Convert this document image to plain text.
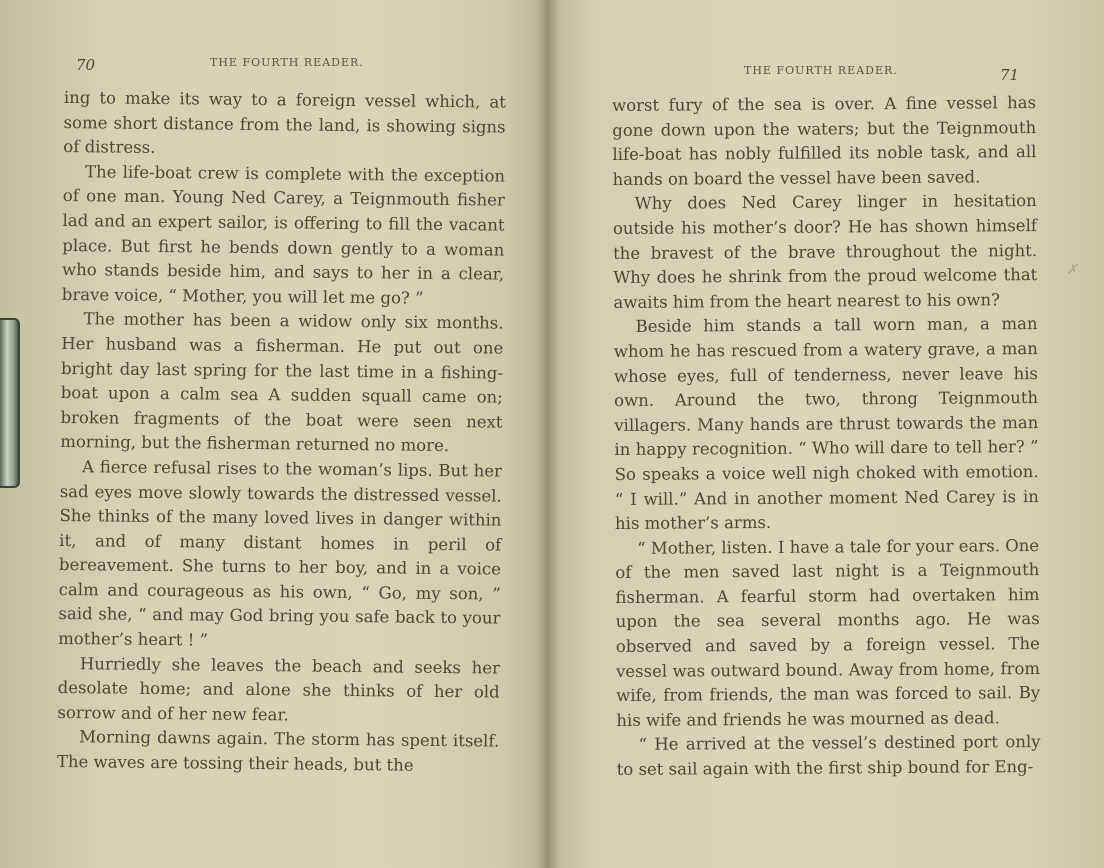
70	THE FOURTH READER.

ing to make its way to a foreign vessel which, at some short distance from the land, is showing signs of distress.

The life-boat crew is complete with the exception of one man. Young Ned Carey, a Teignmouth fisher lad and an expert sailor, is offering to fill the vacant place. But first he bends down gently to a woman who stands beside him, and says to her in a clear, brave voice, “ Mother, you will let me go? ”

The mother has been a widow only six months. Her husband was a fisherman. He put out one bright day last spring for the last time in a fishing-boat upon a calm sea A sudden squall came on; broken fragments of the boat were seen next morning, but the fisherman returned no more.

A fierce refusal rises to the woman’s lips. But her sad eyes move slowly towards the distressed vessel. She thinks of the many loved lives in danger within it, and of many distant homes in peril of bereavement. She turns to her boy, and in a voice calm and courageous as his own, “ Go, my son, ” said she, “ and may God bring you safe back to your mother’s heart ! ”

Hurriedly she leaves the beach and seeks her desolate home; and alone she thinks of her old sorrow and of her new fear.

Morning dawns again. The storm has spent itself. The waves are tossing their heads, but the

THE FOURTH READER.	71

worst fury of the sea is over. A fine vessel has gone down upon the waters; but the Teignmouth life-boat has nobly fulfilled its noble task, and all hands on board the vessel have been saved.

Why does Ned Carey linger in hesitation outside his mother’s door? He has shown himself the bravest of the brave throughout the night. Why does he shrink from the proud welcome that awaits him from the heart nearest to his own?

Beside him stands a tall worn man, a man whom he has rescued from a watery grave, a man whose eyes, full of tenderness, never leave his own. Around the two, throng Teignmouth villagers. Many hands are thrust towards the man in happy recognition. “ Who will dare to tell her? ” So speaks a voice well nigh choked with emotion. “ I will.” And in another moment Ned Carey is in his mother’s arms.

“ Mother, listen. I have a tale for your ears. One of the men saved last night is a Teignmouth fisherman. A fearful storm had overtaken him upon the sea several months ago. He was observed and saved by a foreign vessel. The vessel was outward bound. Away from home, from wife, from friends, the man was forced to sail. By his wife and friends he was mourned as dead.

“ He arrived at the vessel’s destined port only to set sail again with the first ship bound for Eng-

✗
